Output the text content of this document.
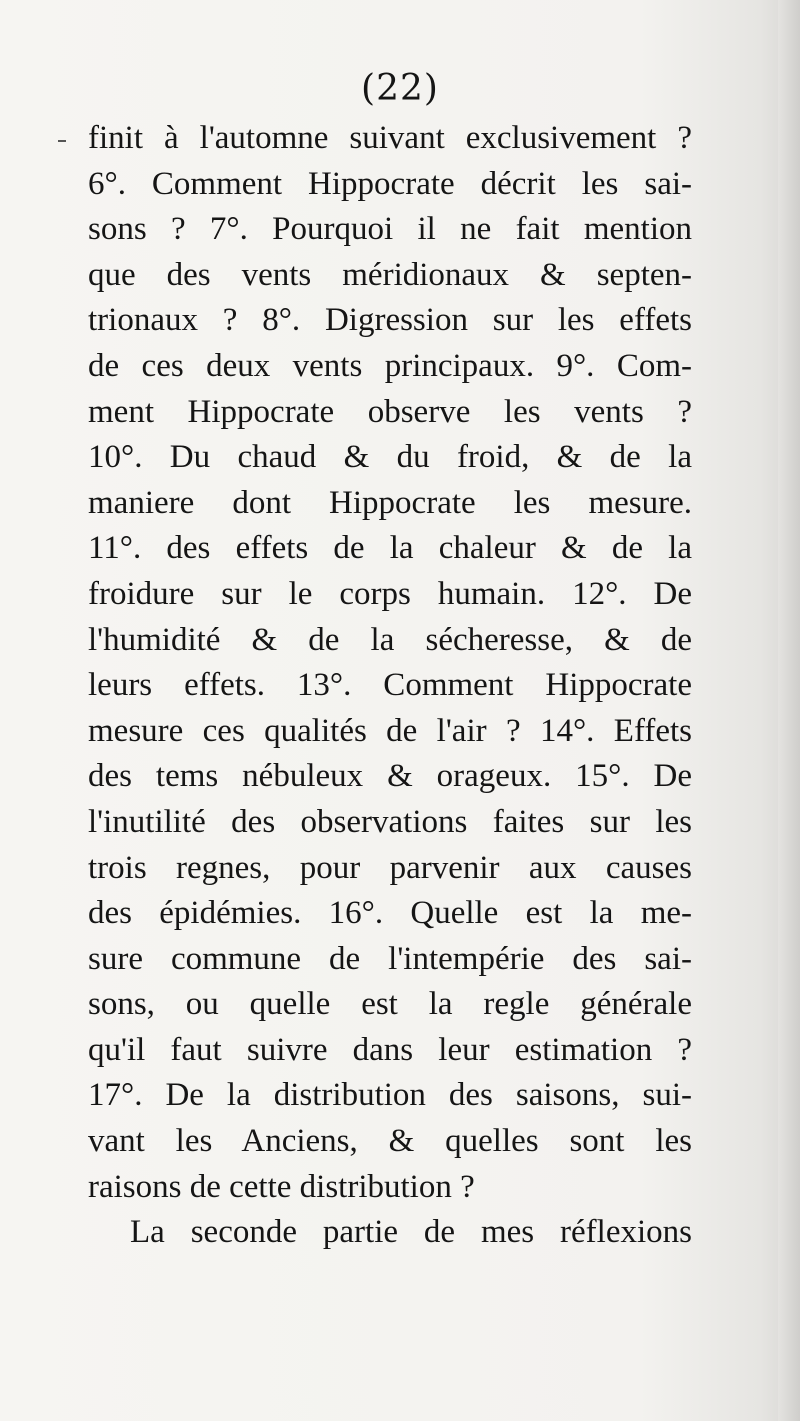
(22)
finit à l'automne suivant exclusivement ?
6°. Comment Hippocrate décrit les sai-
sons ? 7°. Pourquoi il ne fait mention
que des vents méridionaux & septen-
trionaux ? 8°. Digression sur les effets
de ces deux vents principaux. 9°. Com-
ment Hippocrate observe les vents ?
10°. Du chaud & du froid, & de la
maniere dont Hippocrate les mesure.
11°. des effets de la chaleur & de la
froidure sur le corps humain. 12°. De
l'humidité & de la sécheresse, & de
leurs effets. 13°. Comment Hippocrate
mesure ces qualités de l'air ? 14°. Effets
des tems nébuleux & orageux. 15°. De
l'inutilité des observations faites sur les
trois regnes, pour parvenir aux causes
des épidémies. 16°. Quelle est la me-
sure commune de l'intempérie des sai-
sons, ou quelle est la regle générale
qu'il faut suivre dans leur estimation ?
17°. De la distribution des saisons, sui-
vant les Anciens, & quelles sont les
raisons de cette distribution ?
La seconde partie de mes réflexions
